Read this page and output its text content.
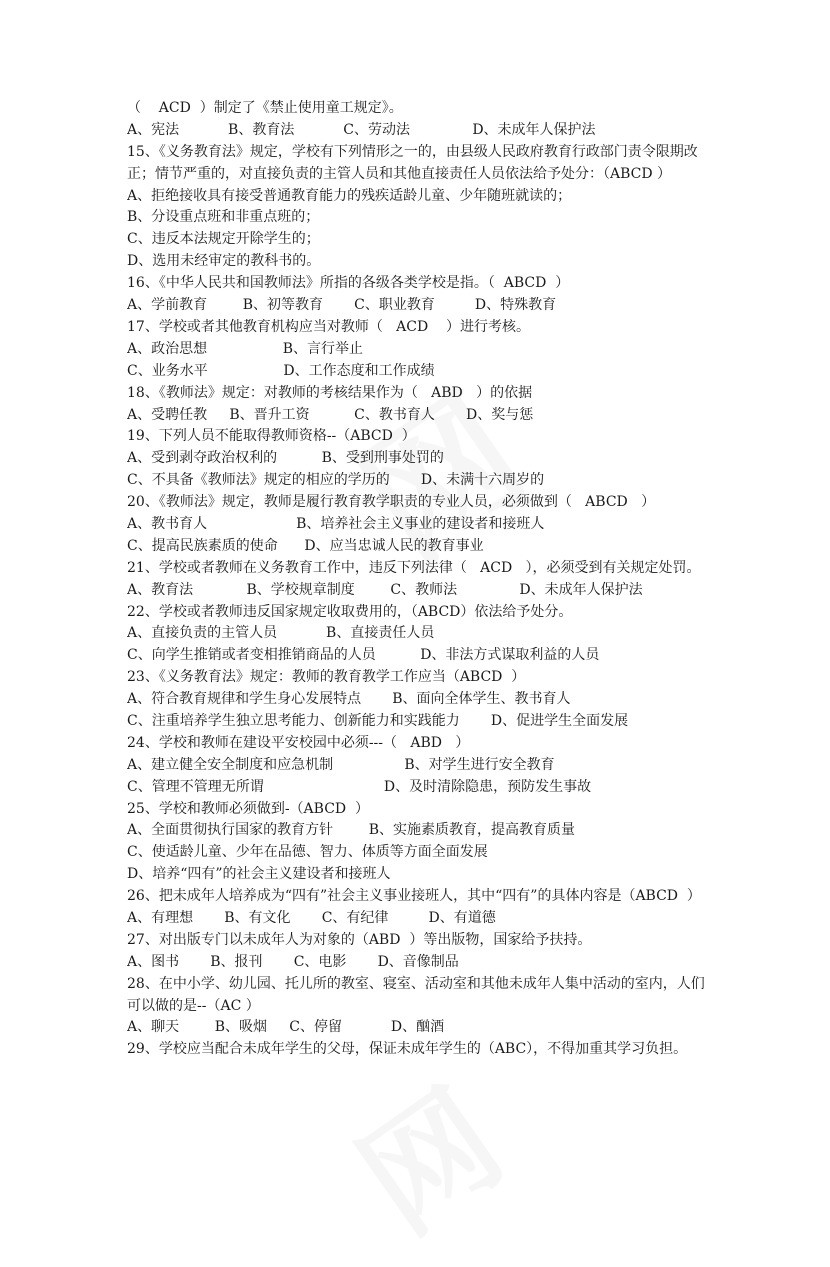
（    ACD  ）制定了《禁止使用童工规定》。
A、宪法           B、教育法           C、劳动法              D、未成年人保护法
15、《义务教育法》规定，学校有下列情形之一的，由县级人民政府教育行政部门责令限期改正；情节严重的，对直接负责的主管人员和其他直接责任人员依法给予处分：（ABCD ）
A、拒绝接收具有接受普通教育能力的残疾适龄儿童、少年随班就读的；
B、分设重点班和非重点班的；
C、违反本法规定开除学生的；
D、选用未经审定的教科书的。
16、《中华人民共和国教师法》所指的各级各类学校是指。（  ABCD  ）
A、学前教育        B、初等教育       C、职业教育         D、特殊教育
17、学校或者其他教育机构应当对教师（   ACD    ）进行考核。
A、政治思想                 B、言行举止
C、业务水平                 D、工作态度和工作成绩
18、《教师法》规定：对教师的考核结果作为（   ABD   ）的依据
A、受聘任教     B、晋升工资          C、教书育人       D、奖与惩
19、下列人员不能取得教师资格--（ABCD  ）
A、受到剥夺政治权利的          B、受到刑事处罚的
C、不具备《教师法》规定的相应的学历的       D、未满十六周岁的
20、《教师法》规定，教师是履行教育教学职责的专业人员，必须做到（   ABCD   ）
A、教书育人                    B、培养社会主义事业的建设者和接班人
C、提高民族素质的使命      D、应当忠诚人民的教育事业
21、学校或者教师在义务教育工作中，违反下列法律（   ACD   ），必须受到有关规定处罚。
A、教育法            B、学校规章制度        C、教师法              D、未成年人保护法
22、学校或者教师违反国家规定收取费用的，（ABCD）依法给予处分。
A、直接负责的主管人员           B、直接责任人员
C、向学生推销或者变相推销商品的人员          D、非法方式谋取利益的人员
23、《义务教育法》规定：教师的教育教学工作应当（ABCD  ）
A、符合教育规律和学生身心发展特点       B、面向全体学生、教书育人
C、注重培养学生独立思考能力、创新能力和实践能力       D、促进学生全面发展
24、学校和教师在建设平安校园中必须---（   ABD   ）
A、建立健全安全制度和应急机制                B、对学生进行安全教育
C、管理不管理无所谓                           D、及时清除隐患，预防发生事故
25、学校和教师必须做到-（ABCD  ）
A、全面贯彻执行国家的教育方针        B、实施素质教育，提高教育质量
C、使适龄儿童、少年在品德、智力、体质等方面全面发展
D、培养“四有”的社会主义建设者和接班人
26、把未成年人培养成为“四有”社会主义事业接班人，其中“四有”的具体内容是（ABCD  ）
A、有理想       B、有文化       C、有纪律         D、有道德
27、对出版专门以未成年人为对象的（ABD  ）等出版物，国家给予扶持。
A、图书       B、报刊       C、电影       D、音像制品
28、在中小学、幼儿园、托儿所的教室、寝室、活动室和其他未成年人集中活动的室内，人们可以做的是--（AC ）
A、聊天        B、吸烟     C、停留           D、酗酒
29、学校应当配合未成年学生的父母，保证未成年学生的（ABC），不得加重其学习负担。
